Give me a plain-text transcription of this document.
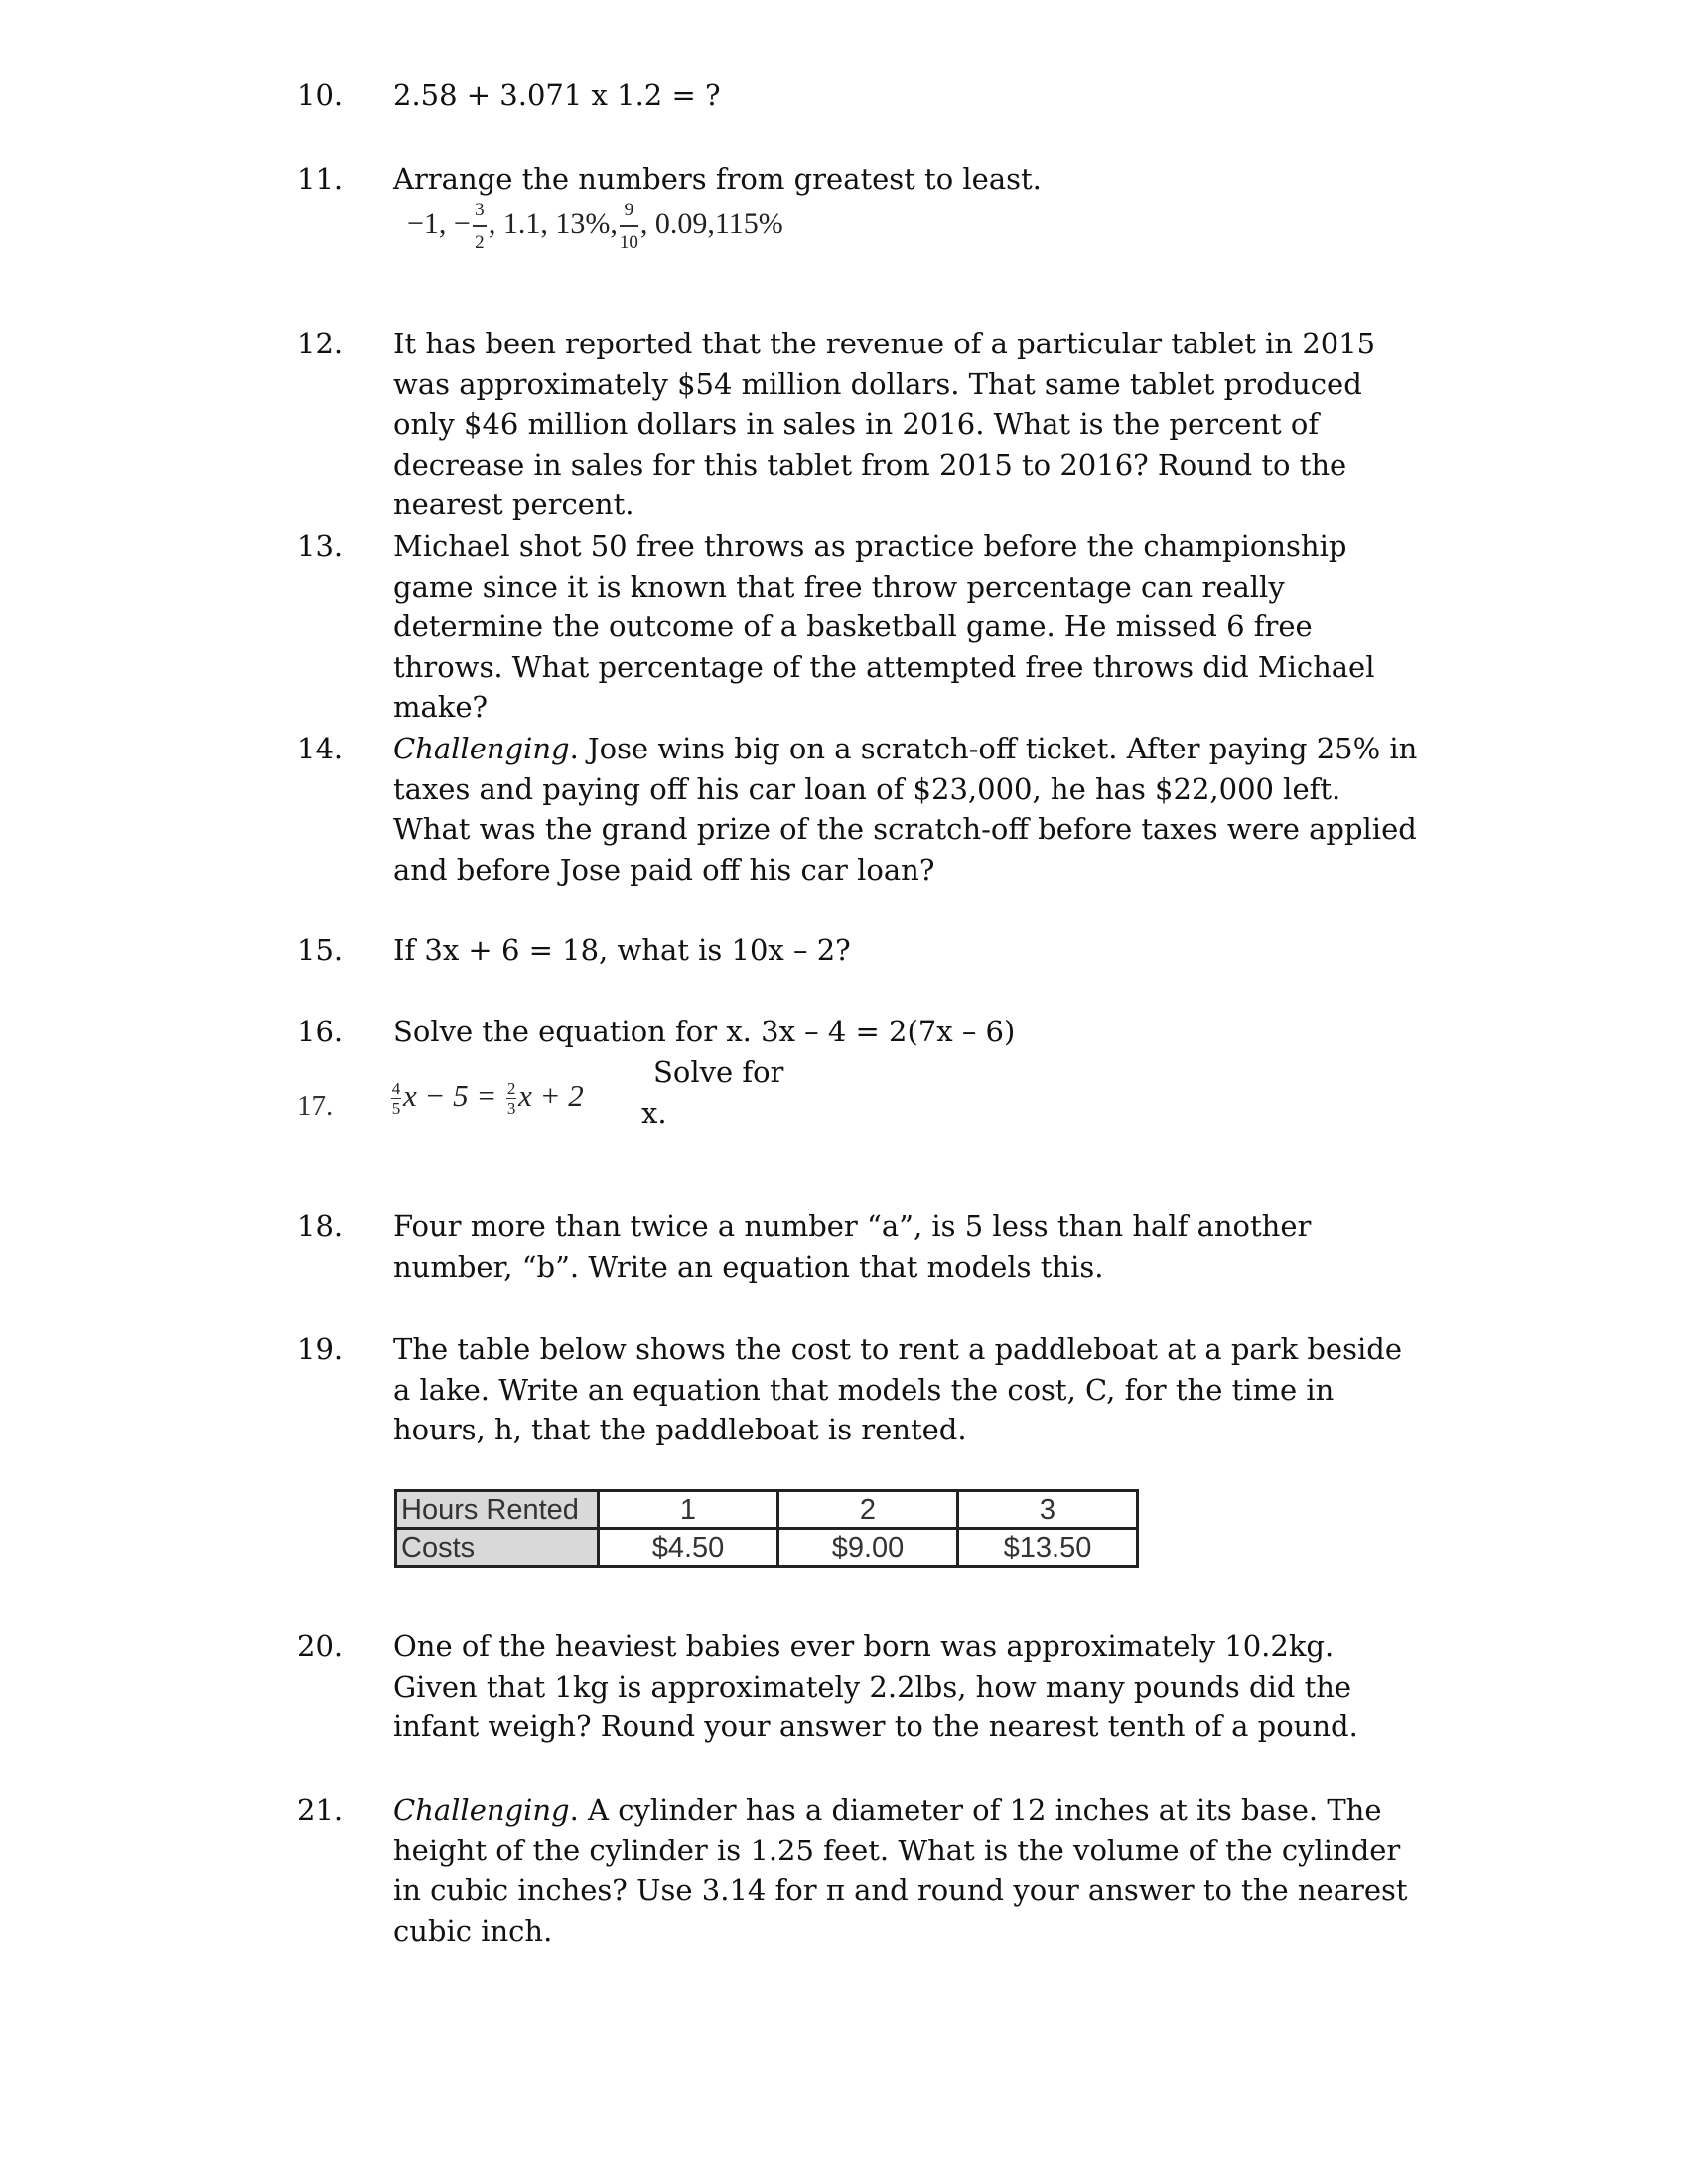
10. 2.58 + 3.071 x 1.2 = ?
11. Arrange the numbers from greatest to least.
−1, − $\frac{3}{2}$ , 1.1, 13%, $\frac{9}{10}$ , 0.09,115%
12. It has been reported that the revenue of a particular tablet in 2015 was approximately $54 million dollars. That same tablet produced only $46 million dollars in sales in 2016. What is the percent of decrease in sales for this tablet from 2015 to 2016? Round to the nearest percent.
13. Michael shot 50 free throws as practice before the championship game since it is known that free throw percentage can really determine the outcome of a basketball game. He missed 6 free throws. What percentage of the attempted free throws did Michael make?
14. Challenging. Jose wins big on a scratch-off ticket. After paying 25% in taxes and paying off his car loan of $23,000, he has $22,000 left. What was the grand prize of the scratch-off before taxes were applied and before Jose paid off his car loan?
15. If 3x + 6 = 18, what is 10x – 2?
16. Solve the equation for x. 3x – 4 = 2(7x – 6)
17.	$\frac{4}{5}$ $x - 5 = \frac{2}{3}$ x + 2
Solve for
x.
18. Four more than twice a number “a”, is 5 less than half another number, “b”. Write an equation that models this.
19. The table below shows the cost to rent a paddleboat at a park beside a lake. Write an equation that models the cost, C, for the time in hours, h, that the paddleboat is rented.
Hours Rented	1	2	3
Costs	$4.50	$9.00	$13.50
20. One of the heaviest babies ever born was approximately 10.2kg. Given that 1kg is approximately 2.2lbs, how many pounds did the infant weigh? Round your answer to the nearest tenth of a pound.
21. Challenging. A cylinder has a diameter of 12 inches at its base. The height of the cylinder is 1.25 feet. What is the volume of the cylinder in cubic inches? Use 3.14 for π and round your answer to the nearest cubic inch.
